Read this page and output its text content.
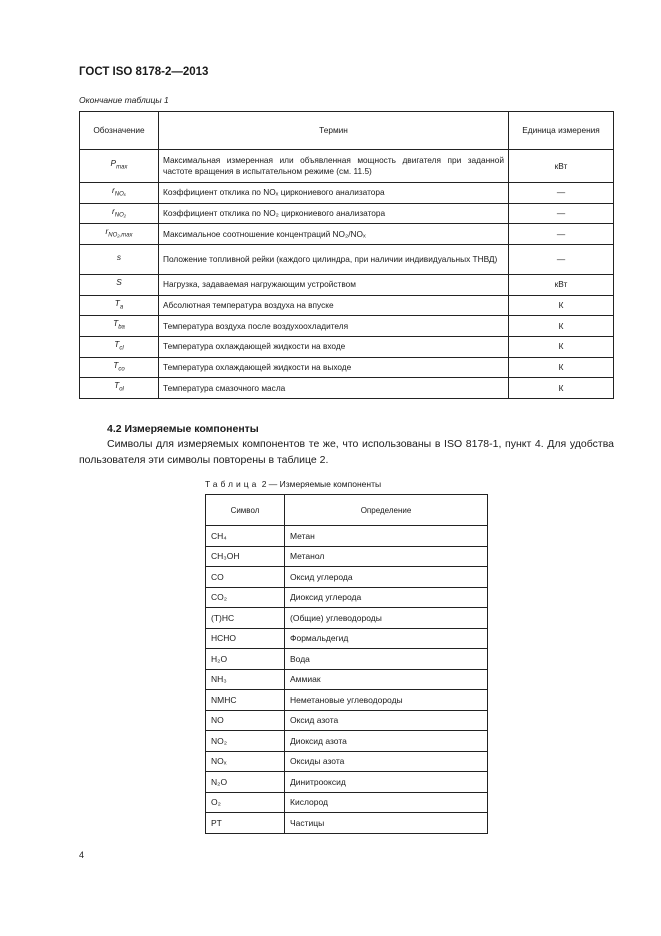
ГОСТ ISO 8178-2—2013
Окончание таблицы 1
Обозначение	Термин	Единица измерения
$P_{max}$	Максимальная измеренная или объявленная мощность двигателя при заданной частоте вращения в испытательном режиме (см. 11.5)	кВт
$r_{NO_x}$	Коэффициент отклика по NOₓ циркониевого анализатора	—
$r_{NO_2}$	Коэффициент отклика по NO₂ циркониевого анализатора	—
$r_{NO_2,max}$	Максимальное соотношение концентраций NO₂/NOₓ	—
s	Положение топливной рейки (каждого цилиндра, при наличии индивидуальных ТНВД)	—
S	Нагрузка, задаваемая нагружающим устройством	кВт
$T_a$	Абсолютная температура воздуха на впуске	К
$T_{ba}$	Температура воздуха после воздухоохладителя	К
$T_{cl}$	Температура охлаждающей жидкости на входе	К
$T_{co}$	Температура охлаждающей жидкости на выходе	К
$T_{ol}$	Температура смазочного масла	К
4.2 Измеряемые компоненты

Символы для измеряемых компонентов те же, что использованы в ISO 8178-1, пункт 4. Для удобства пользователя эти символы повторены в таблице 2.

Таблица 2 — Измеряемые компоненты
Символ	Определение
CH₄	Метан
CH₃OH	Метанол
CO	Оксид углерода
CO₂	Диоксид углерода
(T)HC	(Общие) углеводороды
HCHO	Формальдегид
H₂O	Вода
NH₃	Аммиак
NMHC	Неметановые углеводороды
NO	Оксид азота
NO₂	Диоксид азота
NOₓ	Оксиды азота
N₂O	Динитрооксид
O₂	Кислород
PT	Частицы
4
